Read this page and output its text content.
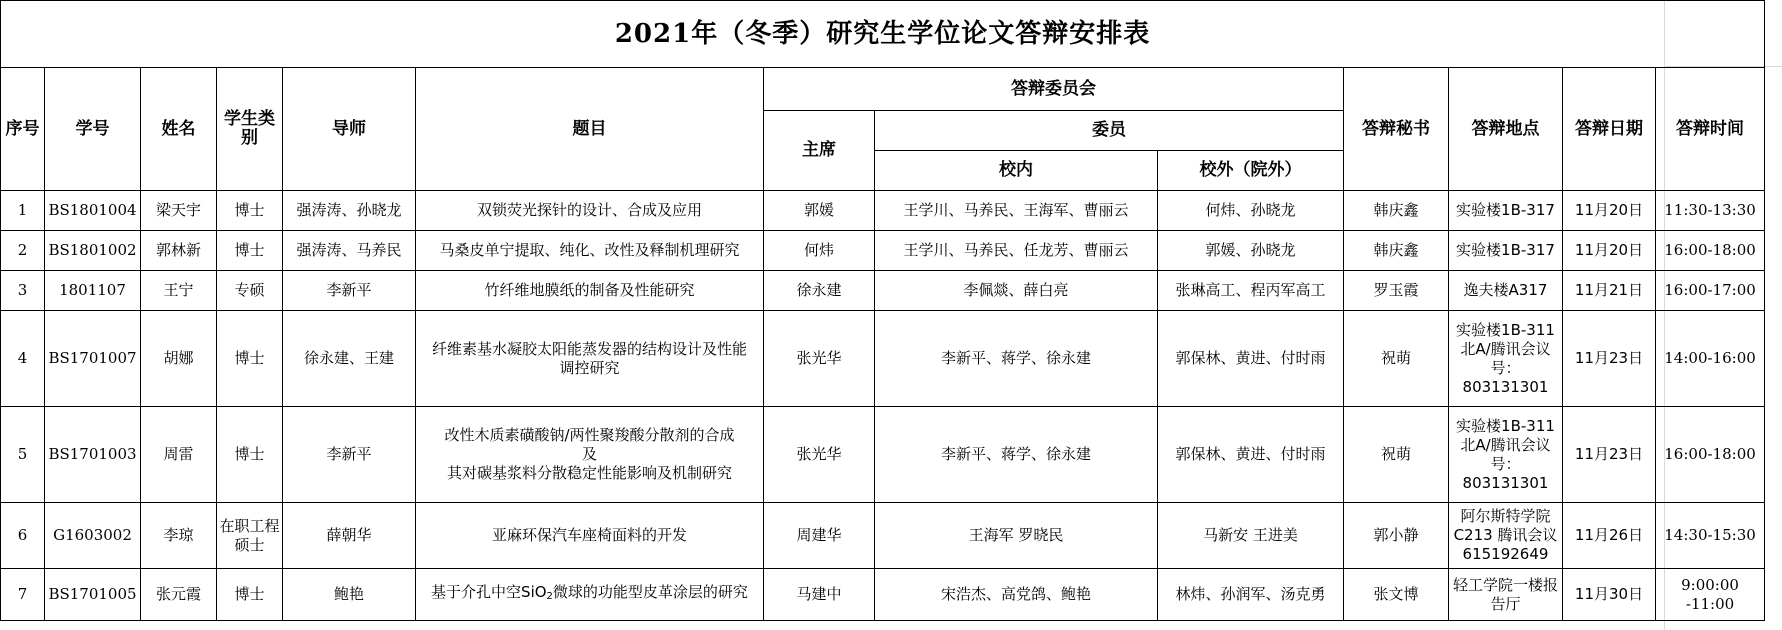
2021年（冬季）研究生学位论文答辩安排表												
序号	学号	姓名	学生类别	导师	题目	答辩委员会			答辩秘书	答辩地点	答辩日期	答辩时间
						主席	委员					
							校内	校外（院外）				
1	BS1801004	梁天宇	博士	强涛涛、孙晓龙	双锁荧光探针的设计、合成及应用	郭媛	王学川、马养民、王海军、曹丽云	何炜、孙晓龙	韩庆鑫	实验楼1B-317	11月20日	11:30-13:30
2	BS1801002	郭林新	博士	强涛涛、马养民	马桑皮单宁提取、纯化、改性及释制机理研究	何炜	王学川、马养民、任龙芳、曹丽云	郭媛、孙晓龙	韩庆鑫	实验楼1B-317	11月20日	16:00-18:00
3	1801107	王宁	专硕	李新平	竹纤维地膜纸的制备及性能研究	徐永建	李佩燚、薛白亮	张琳高工、程丙军高工	罗玉霞	逸夫楼A317	11月21日	16:00-17:00
4	BS1701007	胡娜	博士	徐永建、王建	纤维素基水凝胶太阳能蒸发器的结构设计及性能调控研究	张光华	李新平、蒋学、徐永建	郭保林、黄进、付时雨	祝萌	实验楼1B-311北A/腾讯会议号：803131301	11月23日	14:00-16:00
5	BS1701003	周雷	博士	李新平	改性木质素磺酸钠/两性聚羧酸分散剂的合成
及
其对碳基浆料分散稳定性能影响及机制研究	张光华	李新平、蒋学、徐永建	郭保林、黄进、付时雨	祝萌	实验楼1B-311北A/腾讯会议号：803131301	11月23日	16:00-18:00
6	G1603002	李琼	在职工程硕士	薛朝华	亚麻环保汽车座椅面料的开发	周建华	王海军 罗晓民	马新安 王进美	郭小静	阿尔斯特学院C213 腾讯会议 615192649	11月26日	14:30-15:30
7	BS1701005	张元霞	博士	鲍艳	基于介孔中空SiO$_2$微球的功能型皮革涂层的研究	马建中	宋浩杰、高党鸽、鲍艳	林炜、孙润军、汤克勇	张文博	轻工学院一楼报告厅	11月30日	9:00:00 -11:00
